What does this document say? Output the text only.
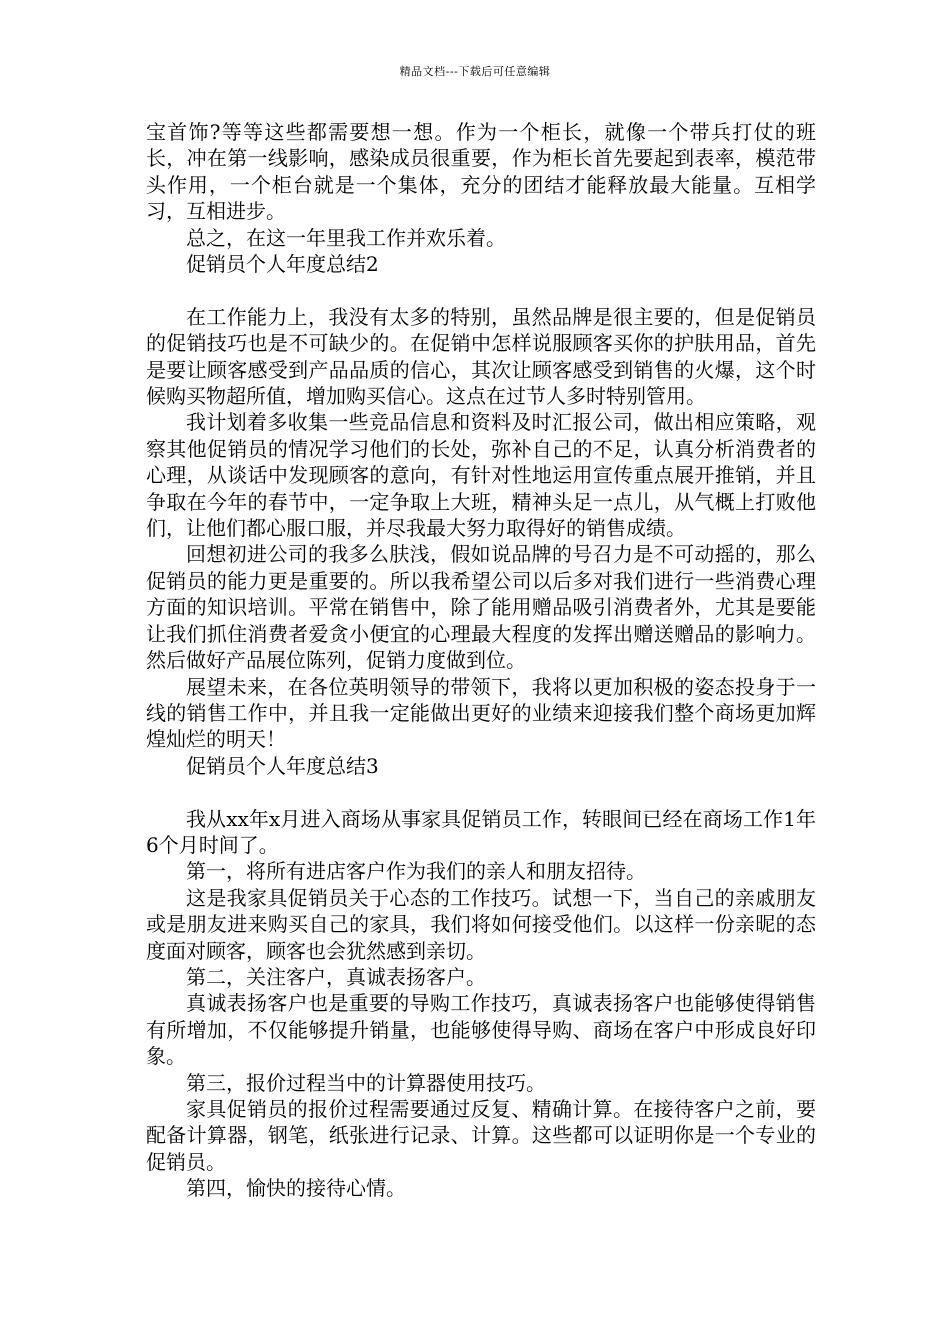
精品文档---下载后可任意编辑

宝首饰?等等这些都需要想一想。作为一个柜长，就像一个带兵打仗的班长，冲在第一线影响，感染成员很重要，作为柜长首先要起到表率，模范带头作用，一个柜台就是一个集体，充分的团结才能释放最大能量。互相学习，互相进步。

总之，在这一年里我工作并欢乐着。

促销员个人年度总结2

在工作能力上，我没有太多的特别，虽然品牌是很主要的，但是促销员的促销技巧也是不可缺少的。在促销中怎样说服顾客买你的护肤用品，首先是要让顾客感受到产品品质的信心，其次让顾客感受到销售的火爆，这个时候购买物超所值，增加购买信心。这点在过节人多时特别管用。

我计划着多收集一些竞品信息和资料及时汇报公司，做出相应策略，观察其他促销员的情况学习他们的长处，弥补自己的不足，认真分析消费者的心理，从谈话中发现顾客的意向，有针对性地运用宣传重点展开推销，并且争取在今年的春节中，一定争取上大班，精神头足一点儿，从气概上打败他们，让他们都心服口服，并尽我最大努力取得好的销售成绩。

回想初进公司的我多么肤浅，假如说品牌的号召力是不可动摇的，那么促销员的能力更是重要的。所以我希望公司以后多对我们进行一些消费心理方面的知识培训。平常在销售中，除了能用赠品吸引消费者外，尤其是要能让我们抓住消费者爱贪小便宜的心理最大程度的发挥出赠送赠品的影响力。然后做好产品展位陈列，促销力度做到位。

展望未来，在各位英明领导的带领下，我将以更加积极的姿态投身于一线的销售工作中，并且我一定能做出更好的业绩来迎接我们整个商场更加辉煌灿烂的明天！

促销员个人年度总结3

我从xx年x月进入商场从事家具促销员工作，转眼间已经在商场工作1年6个月时间了。

第一，将所有进店客户作为我们的亲人和朋友招待。

这是我家具促销员关于心态的工作技巧。试想一下，当自己的亲戚朋友或是朋友进来购买自己的家具，我们将如何接受他们。以这样一份亲昵的态度面对顾客，顾客也会犹然感到亲切。

第二，关注客户，真诚表扬客户。

真诚表扬客户也是重要的导购工作技巧，真诚表扬客户也能够使得销售有所增加，不仅能够提升销量，也能够使得导购、商场在客户中形成良好印象。

第三，报价过程当中的计算器使用技巧。

家具促销员的报价过程需要通过反复、精确计算。在接待客户之前，要配备计算器，钢笔，纸张进行记录、计算。这些都可以证明你是一个专业的促销员。

第四，愉快的接待心情。
